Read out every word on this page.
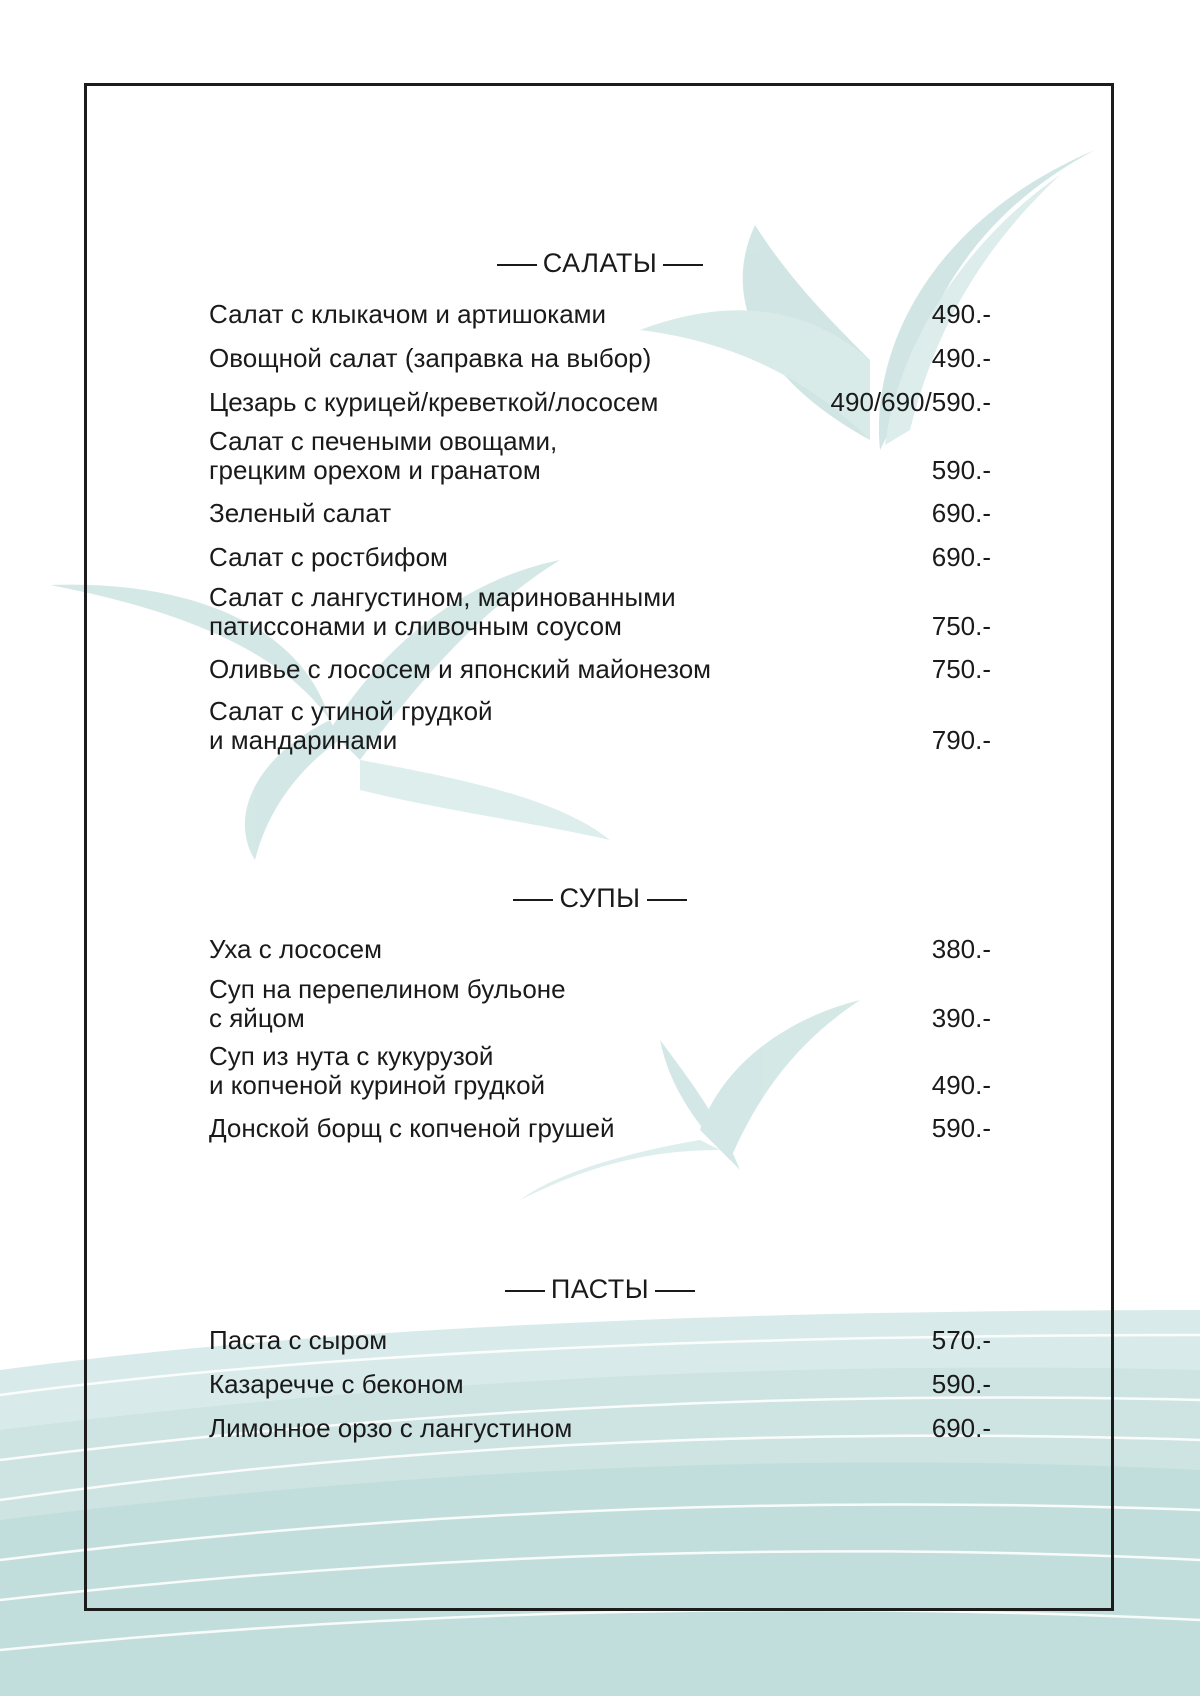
САЛАТЫ
Салат с клыкачом и артишоками	490.-
Овощной салат (заправка на выбор)	490.-
Цезарь с курицей/креветкой/лососем	490/690/590.-
Салат с печеными овощами,
грецким орехом и гранатом	590.-
Зеленый салат	690.-
Салат с ростбифом	690.-
Салат с лангустином, маринованными
патиссонами и сливочным соусом	750.-
Оливье с лососем и японский майонезом	750.-
Салат с утиной грудкой
и мандаринами	790.-
СУПЫ
Уха с лососем	380.-
Суп на перепелином бульоне
с яйцом	390.-
Суп из нута с кукурузой
и копченой куриной грудкой	490.-
Донской борщ с копченой грушей	590.-
ПАСТЫ
Паста с сыром	570.-
Казаречче с беконом	590.-
Лимонное орзо с лангустином	690.-
